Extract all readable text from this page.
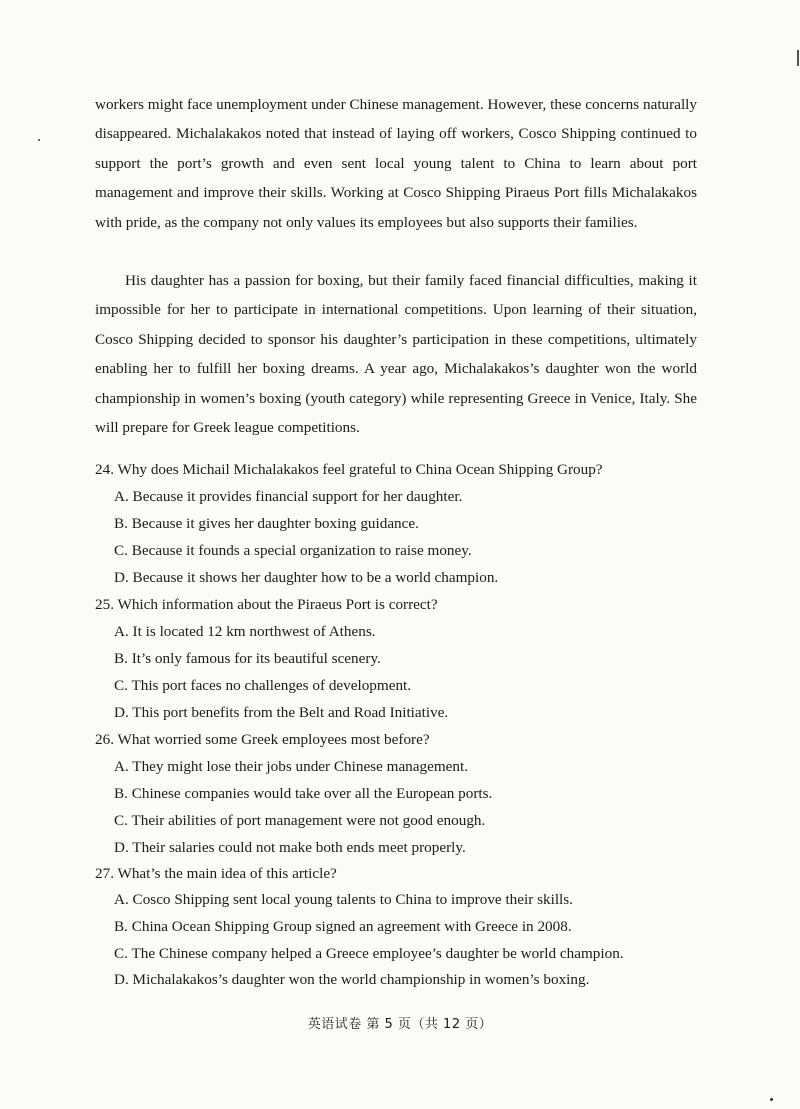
workers might face unemployment under Chinese management. However, these concerns naturally disappeared. Michalakakos noted that instead of laying off workers, Cosco Shipping continued to support the port’s growth and even sent local young talent to China to learn about port management and improve their skills. Working at Cosco Shipping Piraeus Port fills Michalakakos with pride, as the company not only values its employees but also supports their families.

His daughter has a passion for boxing, but their family faced financial difficulties, making it impossible for her to participate in international competitions. Upon learning of their situation, Cosco Shipping decided to sponsor his daughter’s participation in these competitions, ultimately enabling her to fulfill her boxing dreams. A year ago, Michalakakos’s daughter won the world championship in women’s boxing (youth category) while representing Greece in Venice, Italy. She will prepare for Greek league competitions.

24. Why does Michail Michalakakos feel grateful to China Ocean Shipping Group?
A. Because it provides financial support for her daughter.
B. Because it gives her daughter boxing guidance.
C. Because it founds a special organization to raise money.
D. Because it shows her daughter how to be a world champion.
25. Which information about the Piraeus Port is correct?
A. It is located 12 km northwest of Athens.
B. It’s only famous for its beautiful scenery.
C. This port faces no challenges of development.
D. This port benefits from the Belt and Road Initiative.
26. What worried some Greek employees most before?
A. They might lose their jobs under Chinese management.
B. Chinese companies would take over all the European ports.
C. Their abilities of port management were not good enough.
D. Their salaries could not make both ends meet properly.
27. What’s the main idea of this article?
A. Cosco Shipping sent local young talents to China to improve their skills.
B. China Ocean Shipping Group signed an agreement with Greece in 2008.
C. The Chinese company helped a Greece employee’s daughter be world champion.
D. Michalakakos’s daughter won the world championship in women’s boxing.
英语试卷 第 5 页（共 12 页）
